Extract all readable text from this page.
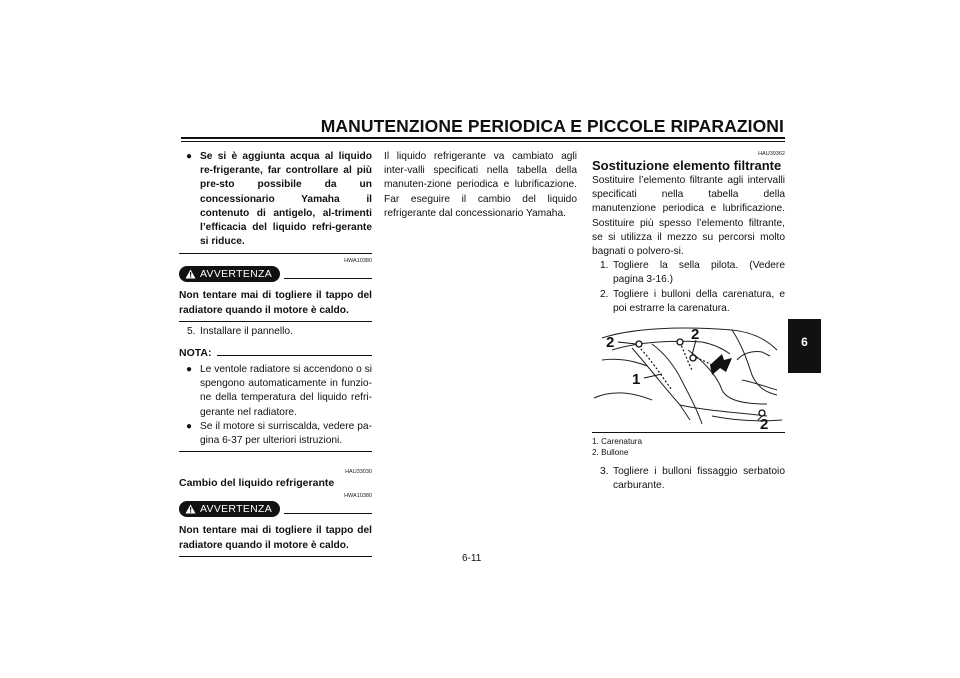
MANUTENZIONE PERIODICA E PICCOLE RIPARAZIONI
● Se si è aggiunta acqua al liquido re-frigerante, far controllare al più pre-sto possibile da un concessionario Yamaha il contenuto di antigelo, al-trimenti l’efficacia del liquido refri-gerante si riduce.
HWA10380
AVVERTENZA
Non tentare mai di togliere il tappo del radiatore quando il motore è caldo.
5. Installare il pannello.
NOTA:
● Le ventole radiatore si accendono o si spengono automaticamente in funzio-ne della temperatura del liquido refri-gerante nel radiatore.
● Se il motore si surriscalda, vedere pa-gina 6-37 per ulteriori istruzioni.
HAU33030
Cambio del liquido refrigerante
HWA10380
AVVERTENZA
Non tentare mai di togliere il tappo del radiatore quando il motore è caldo.
Il liquido refrigerante va cambiato agli inter-valli specificati nella tabella della manuten-zione periodica e lubrificazione. Far eseguire il cambio del liquido refrigerante dal concessionario Yamaha.
HAU39362
Sostituzione elemento filtrante
Sostituire l’elemento filtrante agli intervalli specificati nella tabella della manutenzione periodica e lubrificazione. Sostituire più spesso l’elemento filtrante, se si utilizza il mezzo su percorsi molto bagnati o polvero-si.
1. Togliere la sella pilota. (Vedere pagina 3-16.)
2. Togliere i bulloni della carenatura, e poi estrarre la carenatura.
2	2
1
2
1. Carenatura
2. Bullone
3. Togliere i bulloni fissaggio serbatoio carburante.
6-11
6
